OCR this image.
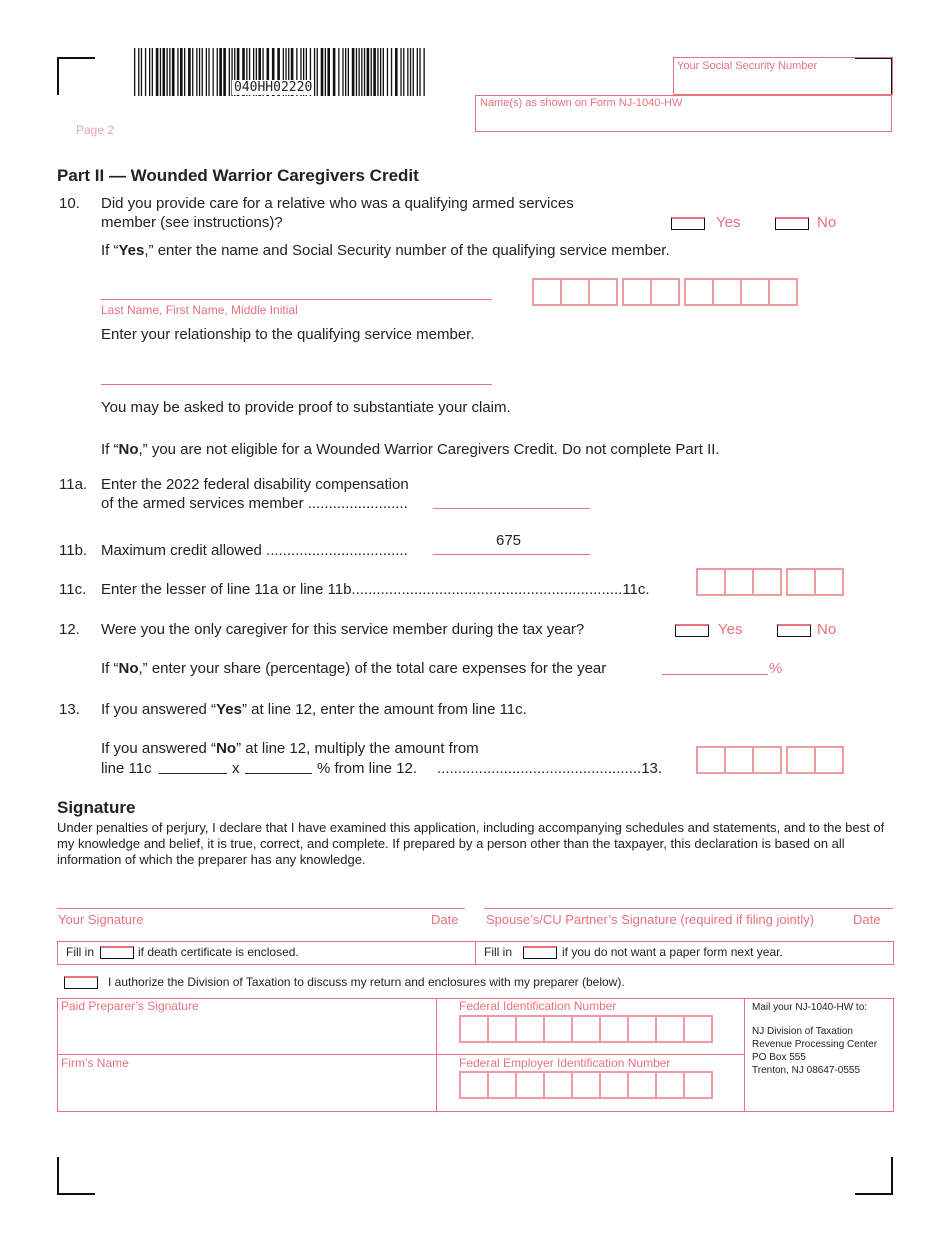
040HH02220
Your Social Security Number
Name(s) as shown on Form NJ-1040-HW
Page 2
Part II — Wounded Warrior Caregivers Credit
10. Did you provide care for a relative who was a qualifying armed services
member (see instructions)?	Yes	No
If “Yes,” enter the name and Social Security number of the qualifying service member.
Last Name, First Name, Middle Initial
Enter your relationship to the qualifying service member.
You may be asked to provide proof to substantiate your claim.
If “No,” you are not eligible for a Wounded Warrior Caregivers Credit. Do not complete Part II.
11a. Enter the 2022 federal disability compensation
of the armed services member ........................
11b. Maximum credit allowed ..................................
675
11c. Enter the lesser of line 11a or line 11b.................................................................11c.
12. Were you the only caregiver for this service member during the tax year?	Yes	No
If “No,” enter your share (percentage) of the total care expenses for the year	%
13. If you answered “Yes” at line 12, enter the amount from line 11c.
If you answered “No” at line 12, multiply the amount from
line 11c	x	% from line 12. .................................................13.
Signature
Under penalties of perjury, I declare that I have examined this application, including accompanying schedules and statements, and to the best of my knowledge and belief, it is true, correct, and complete. If prepared by a person other than the taxpayer, this declaration is based on all information of which the preparer has any knowledge.
Your Signature	Date Spouse’s/CU Partner’s Signature (required if filing jointly)	Date
Fill in	if death certificate is enclosed.	Fill in	if you do not want a paper form next year.
I authorize the Division of Taxation to discuss my return and enclosures with my preparer (below).
Paid Preparer’s Signature	Federal Identification Number
Firm’s Name	Federal Employer Identification Number
Mail your NJ-1040-HW to:
NJ Division of Taxation
Revenue Processing Center
PO Box 555
Trenton, NJ 08647-0555
